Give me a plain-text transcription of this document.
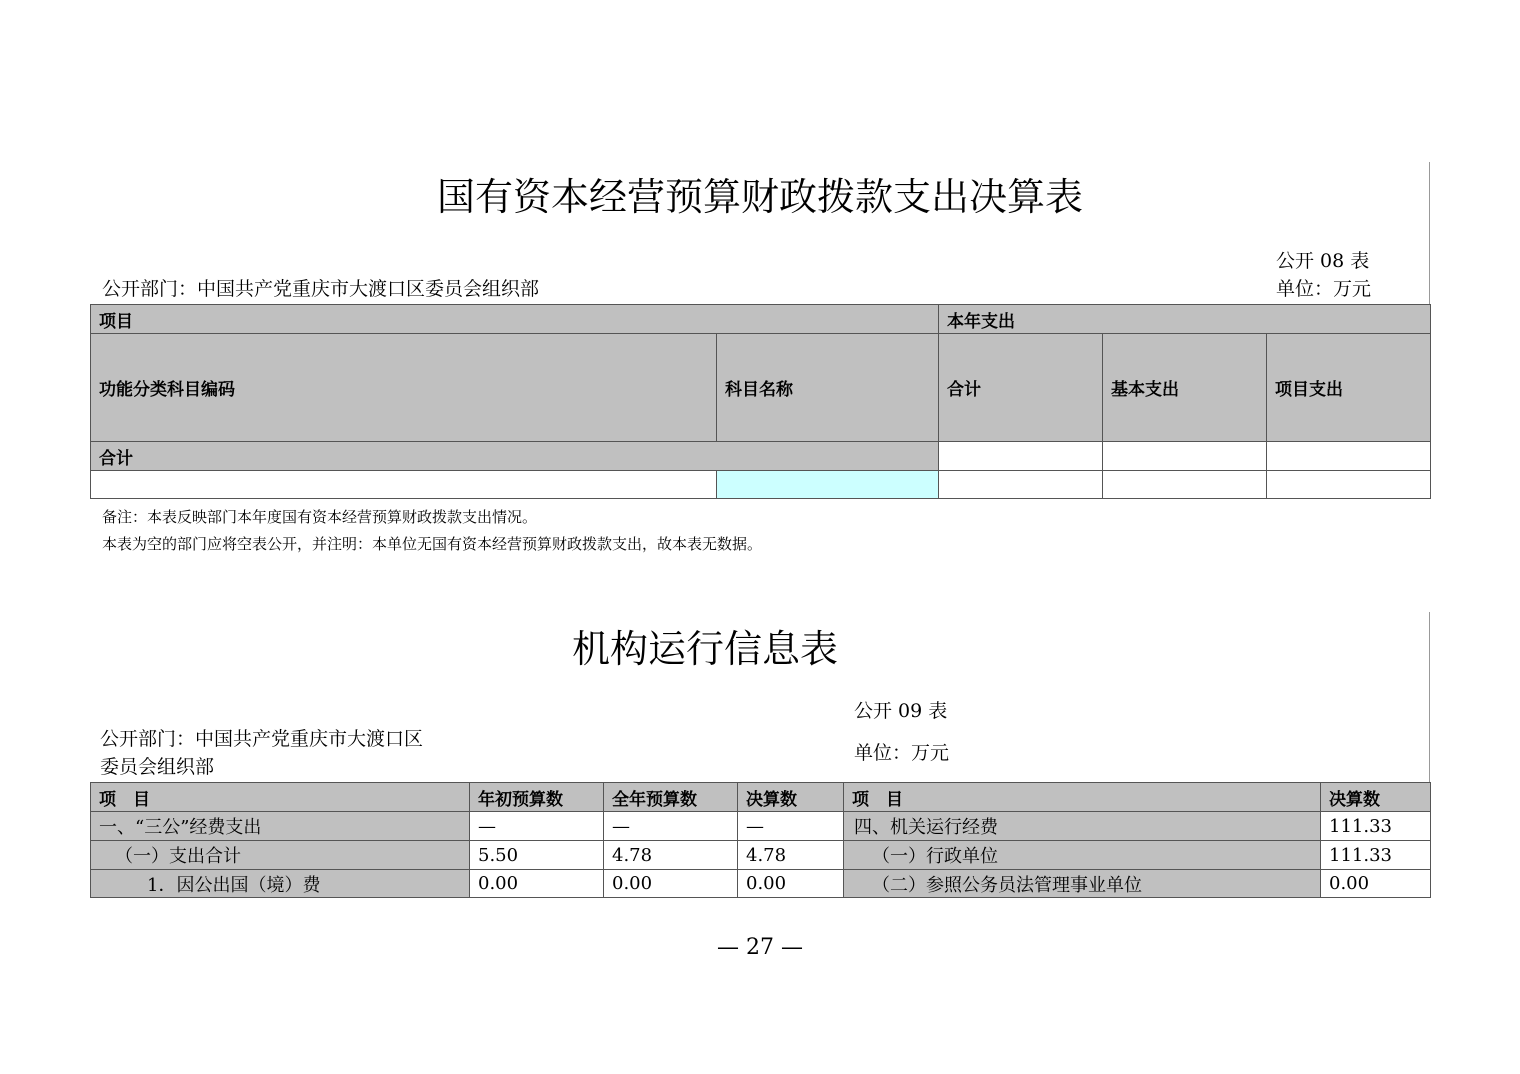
国有资本经营预算财政拨款支出决算表
公开 08 表
公开部门：中国共产党重庆市大渡口区委员会组织部	单位：万元
项目		本年支出		
功能分类科目编码	科目名称	合计	基本支出	项目支出
合计				

备注：本表反映部门本年度国有资本经营预算财政拨款支出情况。
本表为空的部门应将空表公开，并注明：本单位无国有资本经营预算财政拨款支出，故本表无数据。
机构运行信息表
公开 09 表
公开部门：中国共产党重庆市大渡口区
单位：万元
委员会组织部
项　目	年初预算数	全年预算数	决算数	项　目	决算数
一、“三公”经费支出	—	—	—	四、机关运行经费	111.33
（一）支出合计	5.50	4.78	4.78	（一）行政单位	111.33
1．因公出国（境）费	0.00	0.00	0.00	（二）参照公务员法管理事业单位	0.00
— 27 —
